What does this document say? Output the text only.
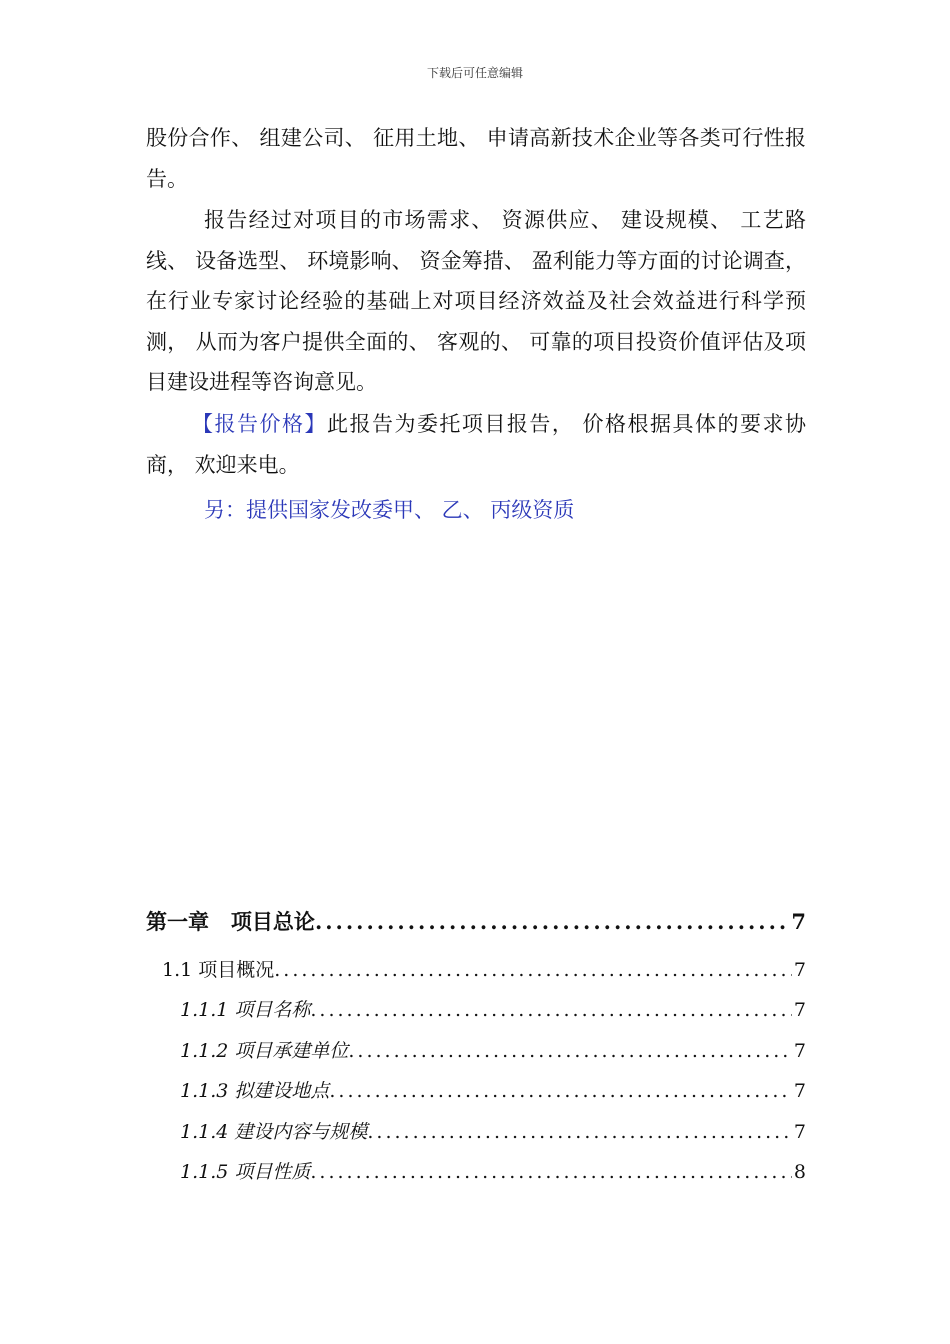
下载后可任意编辑
股份合作、 组建公司、 征用土地、 申请高新技术企业等各类可行性报告。
报告经过对项目的市场需求、 资源供应、 建设规模、 工艺路线、 设备选型、 环境影响、 资金筹措、 盈利能力等方面的讨论调查， 在行业专家讨论经验的基础上对项目经济效益及社会效益进行科学预测， 从而为客户提供全面的、 客观的、 可靠的项目投资价值评估及项目建设进程等咨询意见。
【报告价格】此报告为委托项目报告， 价格根据具体的要求协商， 欢迎来电。
另：提供国家发改委甲、 乙、 丙级资质
第一章   项目总论 .....	7
1.1 项目概况 .....	7
1.1.1 项目名称 .....	7
1.1.2 项目承建单位 .....	7
1.1.3 拟建设地点 .....	7
1.1.4 建设内容与规模 .....	7
1.1.5 项目性质 .....	8
